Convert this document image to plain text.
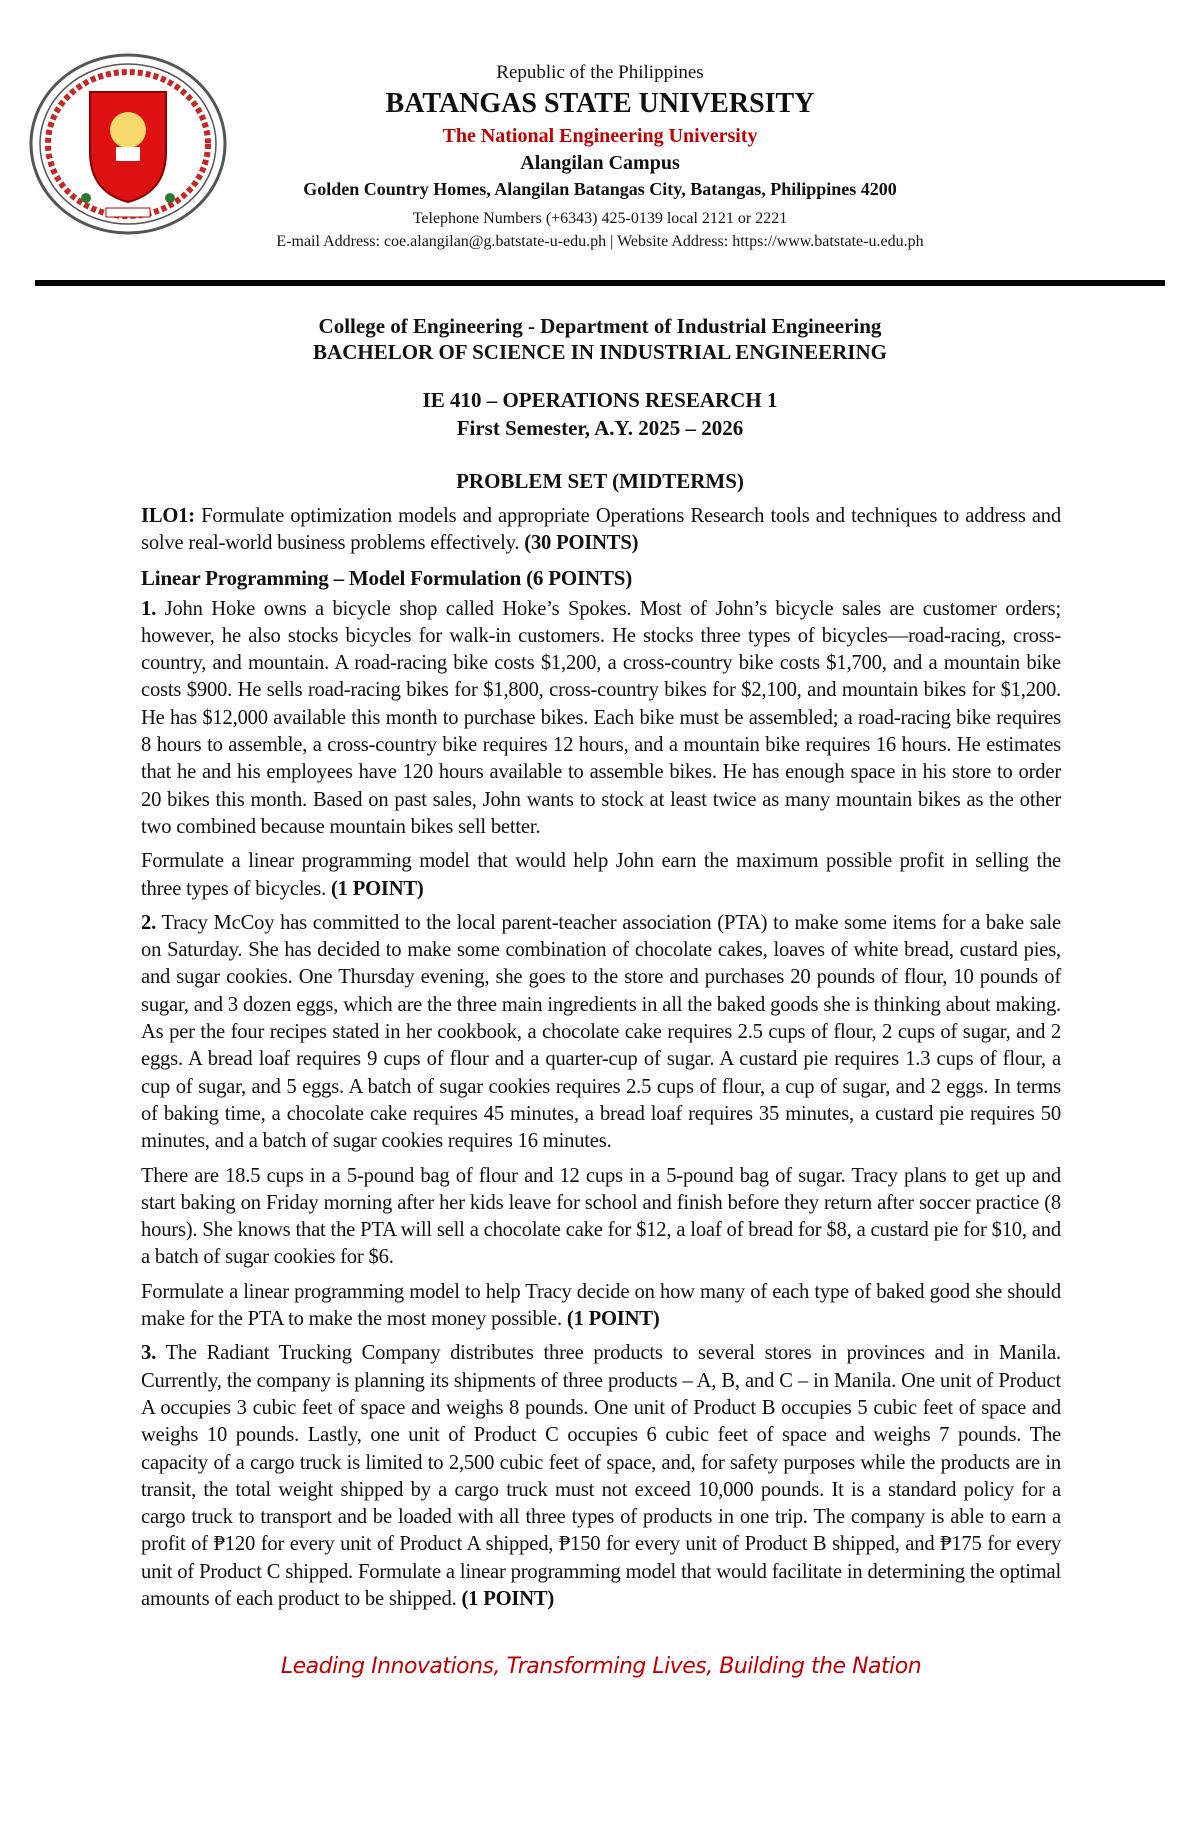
Republic of the Philippines
BATANGAS STATE UNIVERSITY
The National Engineering University
Alangilan Campus
Golden Country Homes, Alangilan Batangas City, Batangas, Philippines 4200
Telephone Numbers (+6343) 425-0139 local 2121 or 2221
E-mail Address: coe.alangilan@g.batstate-u-edu.ph | Website Address: https://www.batstate-u.edu.ph
College of Engineering - Department of Industrial Engineering
BACHELOR OF SCIENCE IN INDUSTRIAL ENGINEERING
IE 410 – OPERATIONS RESEARCH 1
First Semester, A.Y. 2025 – 2026
PROBLEM SET (MIDTERMS)

ILO1: Formulate optimization models and appropriate Operations Research tools and techniques to address and solve real-world business problems effectively. (30 POINTS)

Linear Programming – Model Formulation (6 POINTS)

1. John Hoke owns a bicycle shop called Hoke’s Spokes. Most of John’s bicycle sales are customer orders; however, he also stocks bicycles for walk-in customers. He stocks three types of bicycles—road-racing, cross-country, and mountain. A road-racing bike costs $1,200, a cross-country bike costs $1,700, and a mountain bike costs $900. He sells road-racing bikes for $1,800, cross-country bikes for $2,100, and mountain bikes for $1,200. He has $12,000 available this month to purchase bikes. Each bike must be assembled; a road-racing bike requires 8 hours to assemble, a cross-country bike requires 12 hours, and a mountain bike requires 16 hours. He estimates that he and his employees have 120 hours available to assemble bikes. He has enough space in his store to order 20 bikes this month. Based on past sales, John wants to stock at least twice as many mountain bikes as the other two combined because mountain bikes sell better.

Formulate a linear programming model that would help John earn the maximum possible profit in selling the three types of bicycles. (1 POINT)

2. Tracy McCoy has committed to the local parent-teacher association (PTA) to make some items for a bake sale on Saturday. She has decided to make some combination of chocolate cakes, loaves of white bread, custard pies, and sugar cookies. One Thursday evening, she goes to the store and purchases 20 pounds of flour, 10 pounds of sugar, and 3 dozen eggs, which are the three main ingredients in all the baked goods she is thinking about making. As per the four recipes stated in her cookbook, a chocolate cake requires 2.5 cups of flour, 2 cups of sugar, and 2 eggs. A bread loaf requires 9 cups of flour and a quarter-cup of sugar. A custard pie requires 1.3 cups of flour, a cup of sugar, and 5 eggs. A batch of sugar cookies requires 2.5 cups of flour, a cup of sugar, and 2 eggs. In terms of baking time, a chocolate cake requires 45 minutes, a bread loaf requires 35 minutes, a custard pie requires 50 minutes, and a batch of sugar cookies requires 16 minutes.

There are 18.5 cups in a 5-pound bag of flour and 12 cups in a 5-pound bag of sugar. Tracy plans to get up and start baking on Friday morning after her kids leave for school and finish before they return after soccer practice (8 hours). She knows that the PTA will sell a chocolate cake for $12, a loaf of bread for $8, a custard pie for $10, and a batch of sugar cookies for $6.

Formulate a linear programming model to help Tracy decide on how many of each type of baked good she should make for the PTA to make the most money possible. (1 POINT)

3. The Radiant Trucking Company distributes three products to several stores in provinces and in Manila. Currently, the company is planning its shipments of three products – A, B, and C – in Manila. One unit of Product A occupies 3 cubic feet of space and weighs 8 pounds. One unit of Product B occupies 5 cubic feet of space and weighs 10 pounds. Lastly, one unit of Product C occupies 6 cubic feet of space and weighs 7 pounds. The capacity of a cargo truck is limited to 2,500 cubic feet of space, and, for safety purposes while the products are in transit, the total weight shipped by a cargo truck must not exceed 10,000 pounds. It is a standard policy for a cargo truck to transport and be loaded with all three types of products in one trip. The company is able to earn a profit of ₱120 for every unit of Product A shipped, ₱150 for every unit of Product B shipped, and ₱175 for every unit of Product C shipped. Formulate a linear programming model that would facilitate in determining the optimal amounts of each product to be shipped. (1 POINT)

Leading Innovations, Transforming Lives, Building the Nation
